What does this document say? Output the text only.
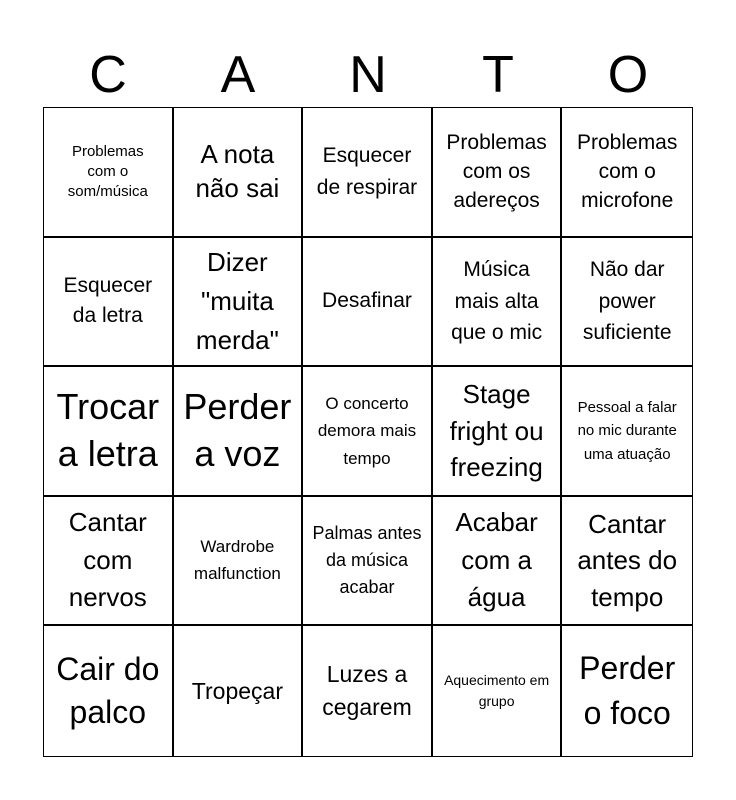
C	A	N	T	O
Problemas com o som/música
A nota não sai
Esquecer de respirar
Problemas com os adereços
Problemas com o microfone
Esquecer da letra
Dizer "muita merda"
Desafinar
Música mais alta que o mic
Não dar power suficiente
Trocar a letra
Perder a voz
O concerto demora mais tempo
Stage fright ou freezing
Pessoal a falar no mic durante uma atuação
Cantar com nervos
Wardrobe malfunction
Palmas antes da música acabar
Acabar com a água
Cantar antes do tempo
Cair do palco
Tropeçar
Luzes a cegarem
Aquecimento em grupo
Perder o foco
